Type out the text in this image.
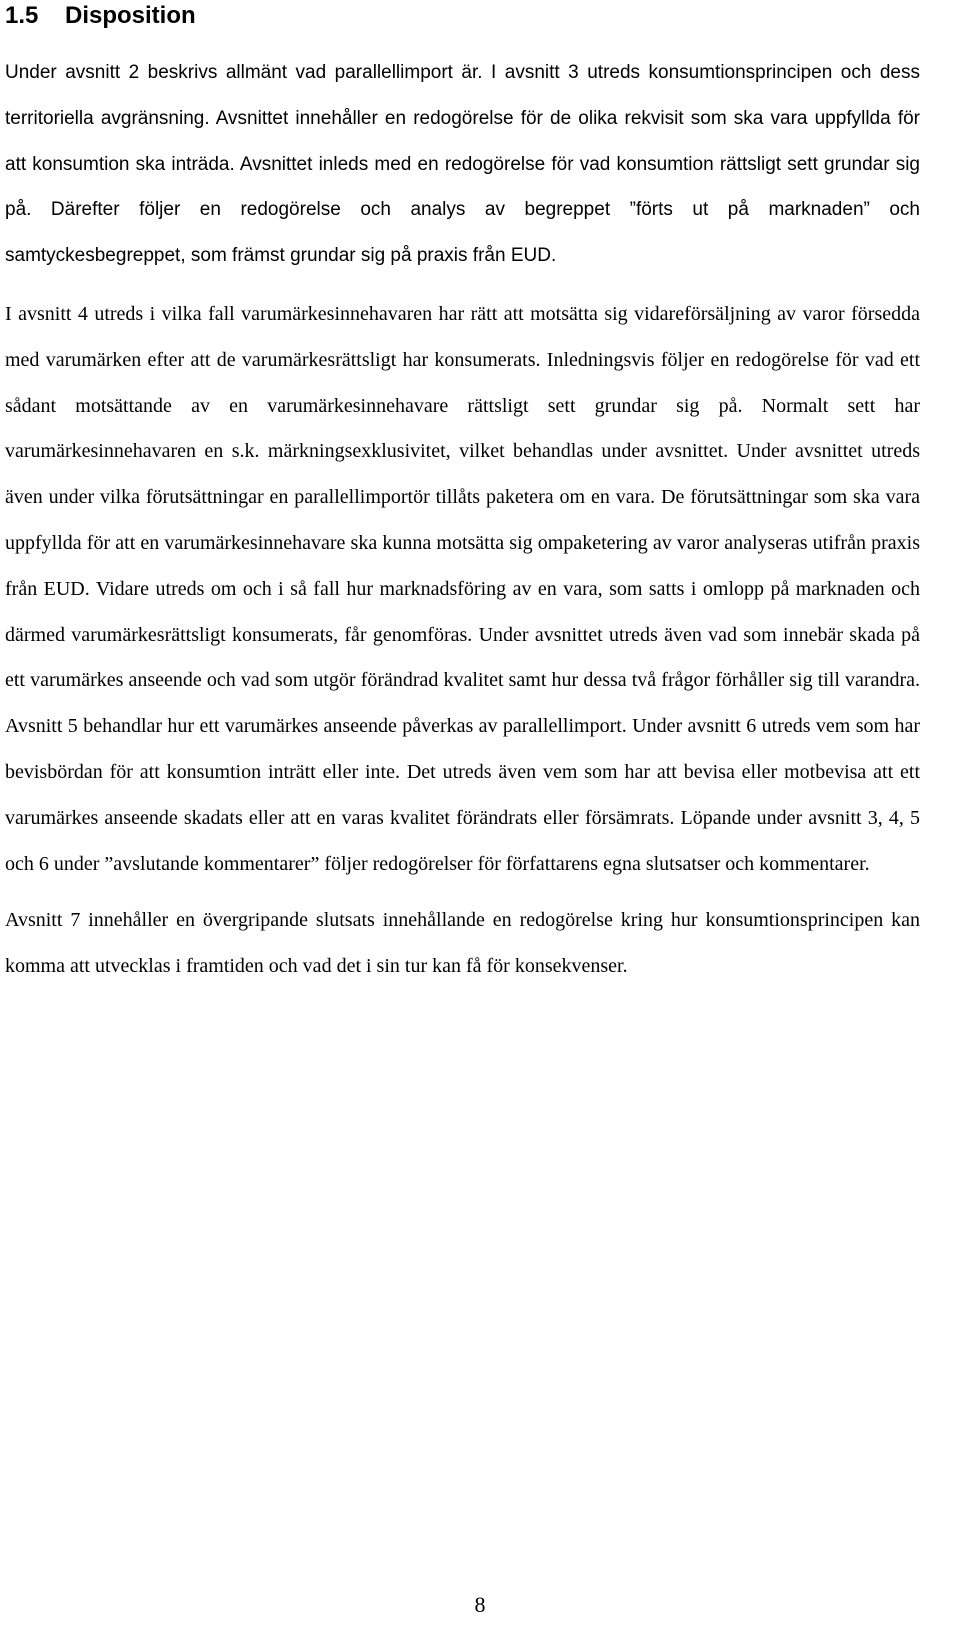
1.5 Disposition

Under avsnitt 2 beskrivs allmänt vad parallellimport är. I avsnitt 3 utreds konsumtionsprincipen och dess territoriella avgränsning. Avsnittet innehåller en redogörelse för de olika rekvisit som ska vara uppfyllda för att konsumtion ska inträda. Avsnittet inleds med en redogörelse för vad konsumtion rättsligt sett grundar sig på. Därefter följer en redogörelse och analys av begreppet ”förts ut på marknaden” och samtyckesbegreppet, som främst grundar sig på praxis från EUD.

I avsnitt 4 utreds i vilka fall varumärkesinnehavaren har rätt att motsätta sig vidareförsäljning av varor försedda med varumärken efter att de varumärkesrättsligt har konsumerats. Inledningsvis följer en redogörelse för vad ett sådant motsättande av en varumärkesinnehavare rättsligt sett grundar sig på. Normalt sett har varumärkesinnehavaren en s.k. märkningsexklusivitet, vilket behandlas under avsnittet. Under avsnittet utreds även under vilka förutsättningar en parallellimportör tillåts paketera om en vara. De förutsättningar som ska vara uppfyllda för att en varumärkesinnehavare ska kunna motsätta sig ompaketering av varor analyseras utifrån praxis från EUD. Vidare utreds om och i så fall hur marknadsföring av en vara, som satts i omlopp på marknaden och därmed varumärkesrättsligt konsumerats, får genomföras. Under avsnittet utreds även vad som innebär skada på ett varumärkes anseende och vad som utgör förändrad kvalitet samt hur dessa två frågor förhåller sig till varandra. Avsnitt 5 behandlar hur ett varumärkes anseende påverkas av parallellimport. Under avsnitt 6 utreds vem som har bevisbördan för att konsumtion inträtt eller inte. Det utreds även vem som har att bevisa eller motbevisa att ett varumärkes anseende skadats eller att en varas kvalitet förändrats eller försämrats. Löpande under avsnitt 3, 4, 5 och 6 under ”avslutande kommentarer” följer redogörelser för författarens egna slutsatser och kommentarer.

Avsnitt 7 innehåller en övergripande slutsats innehållande en redogörelse kring hur konsumtionsprincipen kan komma att utvecklas i framtiden och vad det i sin tur kan få för konsekvenser.

8
